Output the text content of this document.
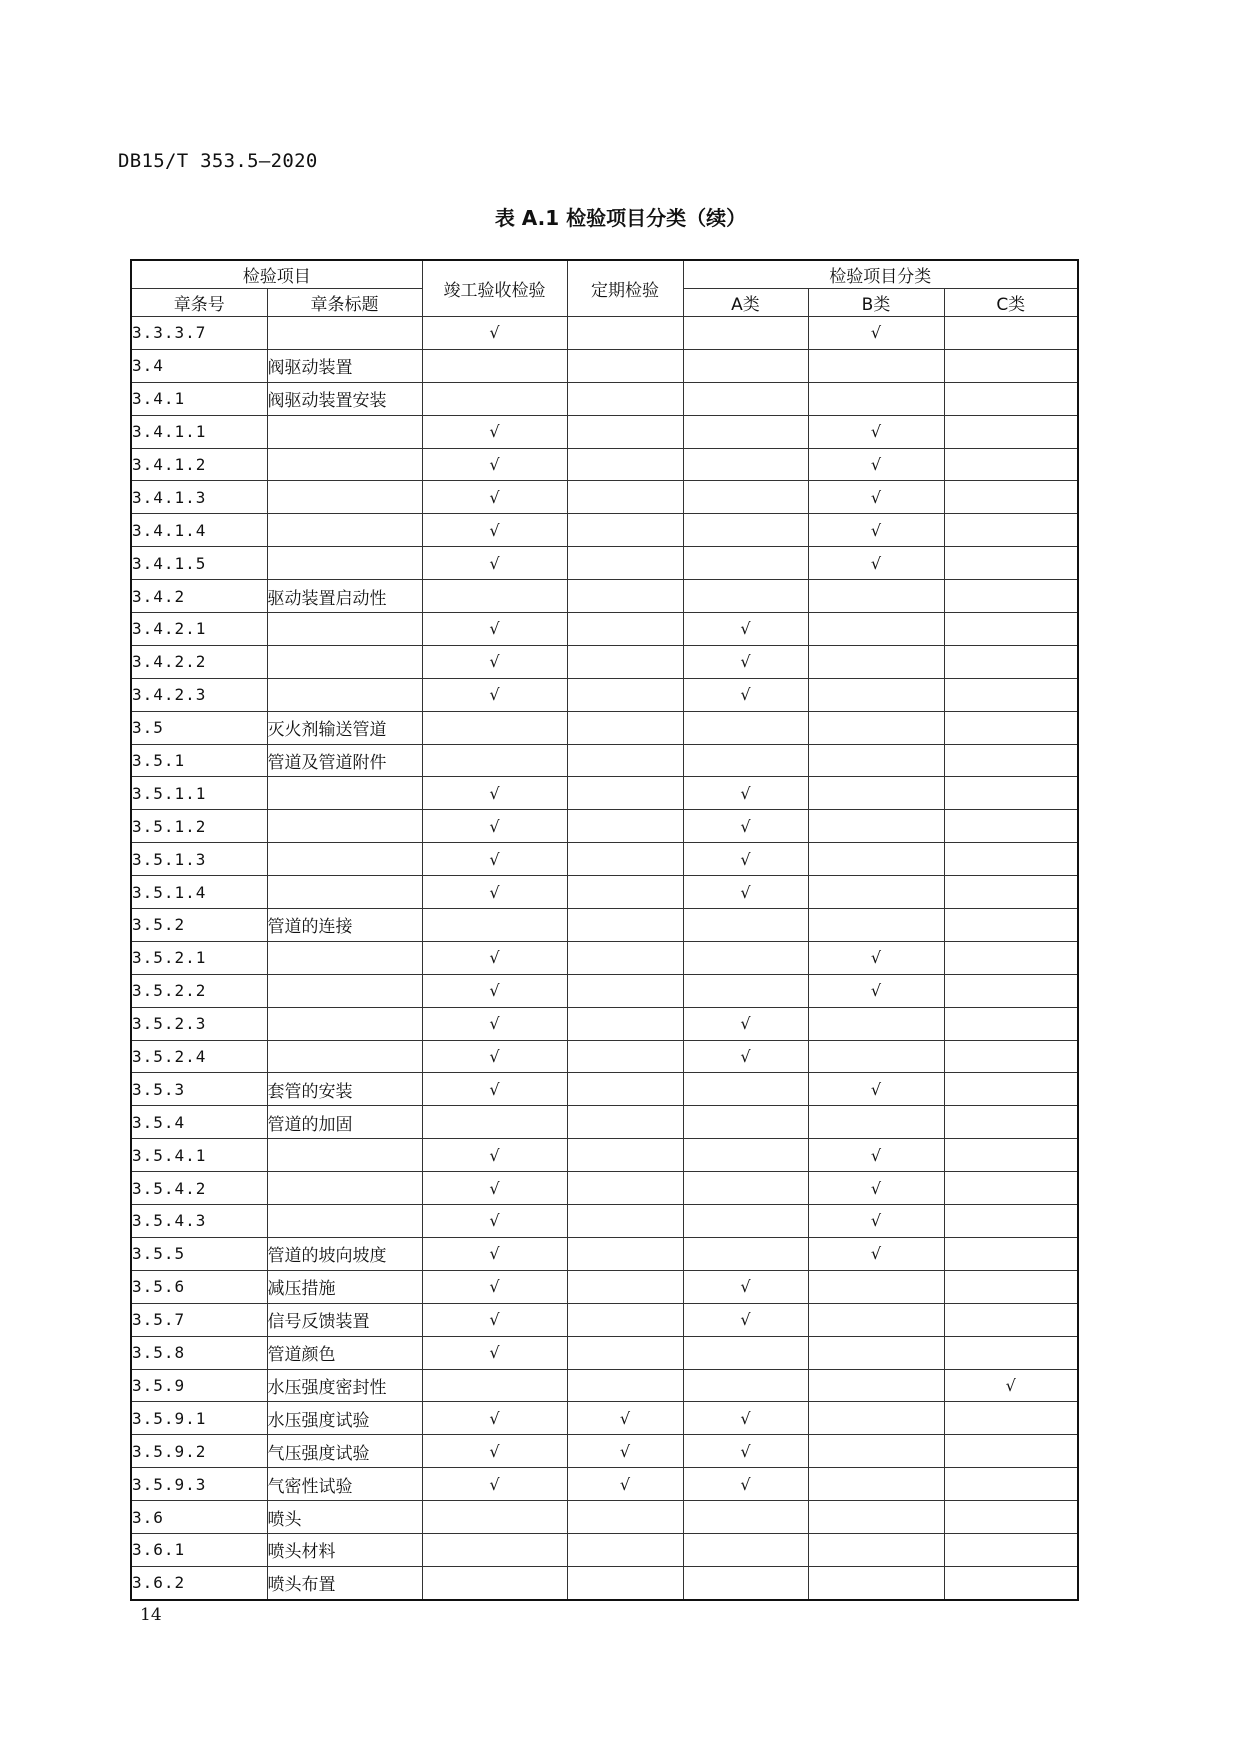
DB15/T 353.5—2020
表 A.1 检验项目分类（续）
检验项目		竣工验收检验	定期检验	检验项目分类		
章条号	章条标题			A类	B类	C类
3.3.3.7		√			√	
3.4	阀驱动装置					
3.4.1	阀驱动装置安装					
3.4.1.1		√			√	
3.4.1.2		√			√	
3.4.1.3		√			√	
3.4.1.4		√			√	
3.4.1.5		√			√	
3.4.2	驱动装置启动性					
3.4.2.1		√		√		
3.4.2.2		√		√		
3.4.2.3		√		√		
3.5	灭火剂输送管道					
3.5.1	管道及管道附件					
3.5.1.1		√		√		
3.5.1.2		√		√		
3.5.1.3		√		√		
3.5.1.4		√		√		
3.5.2	管道的连接					
3.5.2.1		√			√	
3.5.2.2		√			√	
3.5.2.3		√		√		
3.5.2.4		√		√		
3.5.3	套管的安装	√			√	
3.5.4	管道的加固					
3.5.4.1		√			√	
3.5.4.2		√			√	
3.5.4.3		√			√	
3.5.5	管道的坡向坡度	√			√	
3.5.6	减压措施	√		√		
3.5.7	信号反馈装置	√		√		
3.5.8	管道颜色	√				
3.5.9	水压强度密封性					√
3.5.9.1	水压强度试验	√	√	√		
3.5.9.2	气压强度试验	√	√	√		
3.5.9.3	气密性试验	√	√	√		
3.6	喷头					
3.6.1	喷头材料					
3.6.2	喷头布置					
14
